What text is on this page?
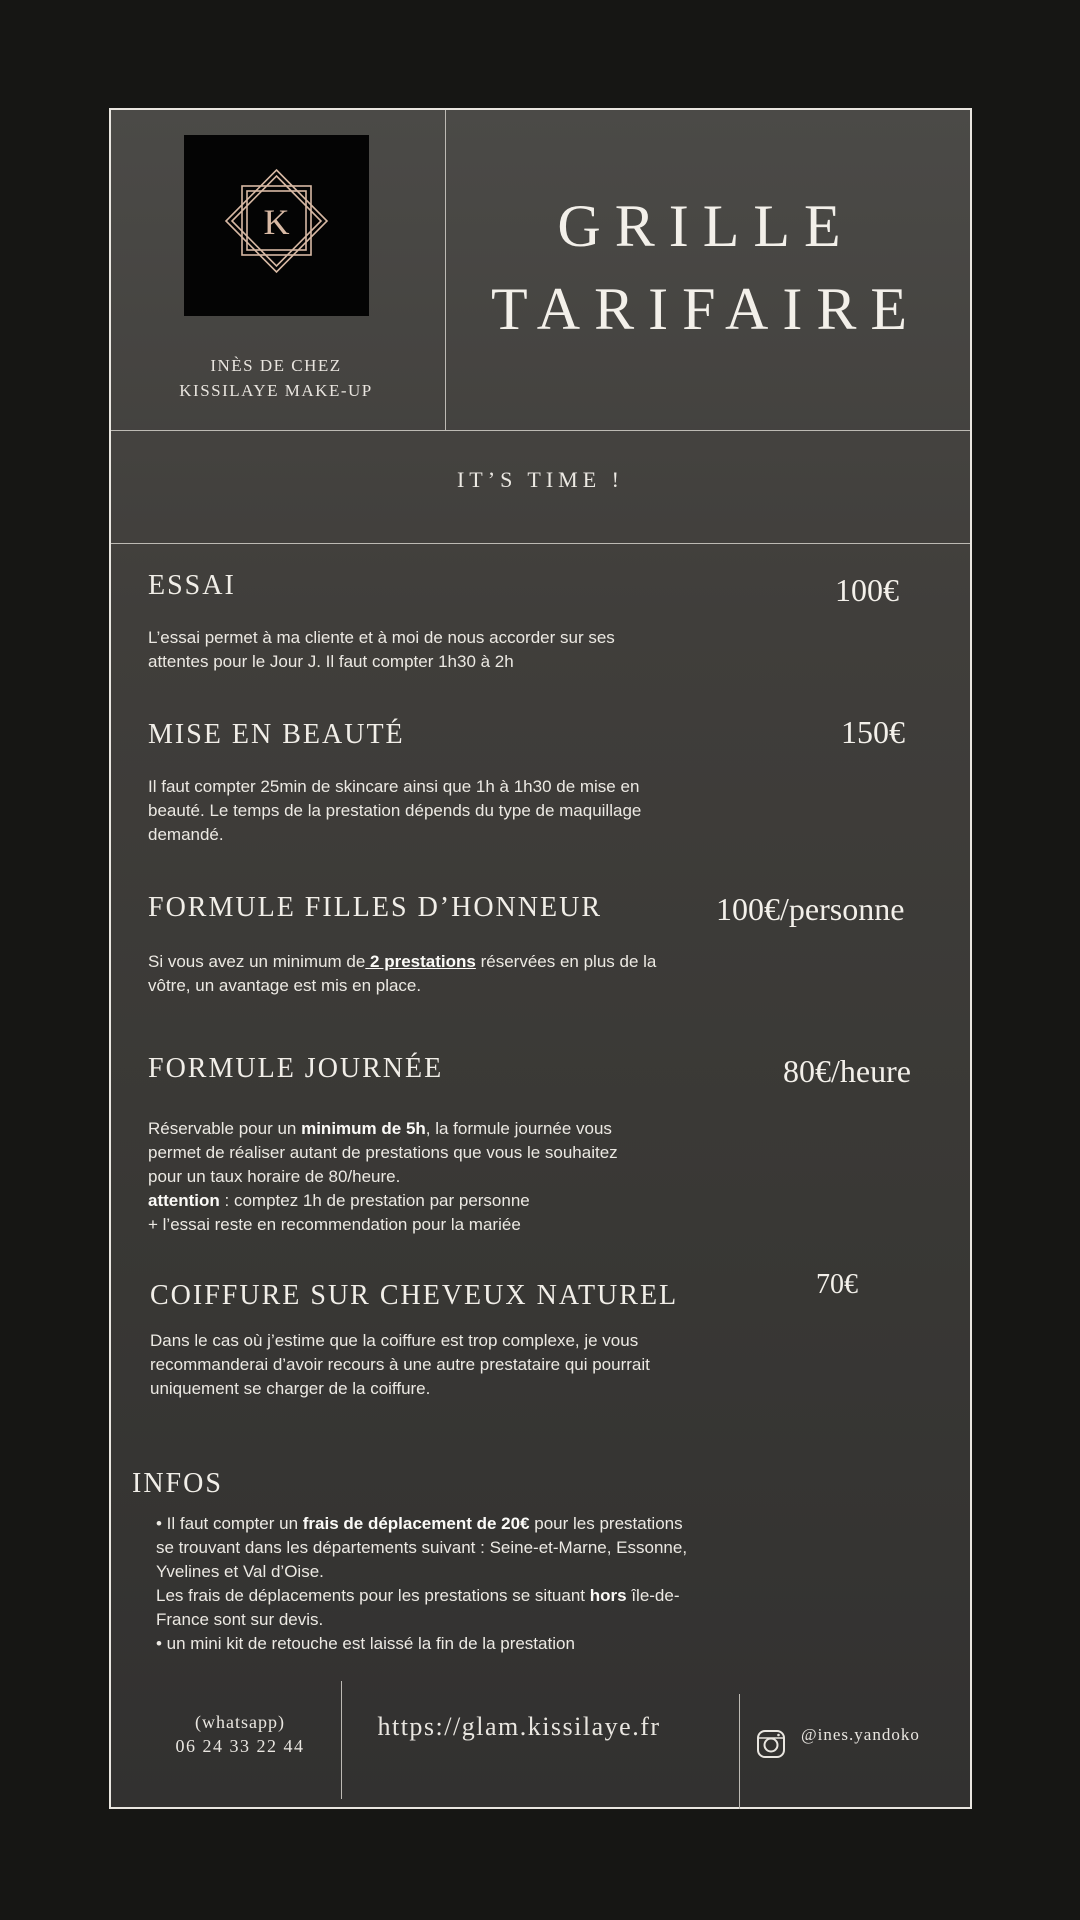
K
INÈS DE CHEZ
KISSILAYE MAKE-UP
GRILLE
TARIFAIRE
IT’S TIME !
ESSAI	100€
L’essai permet à ma cliente et à moi de nous accorder sur ses
attentes pour le Jour J. Il faut compter 1h30 à 2h
MISE EN BEAUTÉ	150€
Il faut compter 25min de skincare ainsi que 1h à 1h30 de mise en
beauté. Le temps de la prestation dépends du type de maquillage
demandé.
FORMULE FILLES D’HONNEUR	100€/personne
Si vous avez un minimum de 2 prestations réservées en plus de la
vôtre, un avantage est mis en place.
FORMULE JOURNÉE	80€/heure
Réservable pour un minimum de 5h, la formule journée vous
permet de réaliser autant de prestations que vous le souhaitez
pour un taux horaire de 80/heure.
attention : comptez 1h de prestation par personne
+ l’essai reste en recommendation pour la mariée
COIFFURE SUR CHEVEUX NATUREL	70€
Dans le cas où j’estime que la coiffure est trop complexe, je vous
recommanderai d’avoir recours à une autre prestataire qui pourrait
uniquement se charger de la coiffure.
INFOS
• Il faut compter un frais de déplacement de 20€ pour les prestations
se trouvant dans les départements suivant : Seine-et-Marne, Essonne,
Yvelines et Val d’Oise.
Les frais de déplacements pour les prestations se situant hors île-de-
France sont sur devis.
• un mini kit de retouche est laissé la fin de la prestation
(whatsapp)
06 24 33 22 44
https://glam.kissilaye.fr	@ines.yandoko
